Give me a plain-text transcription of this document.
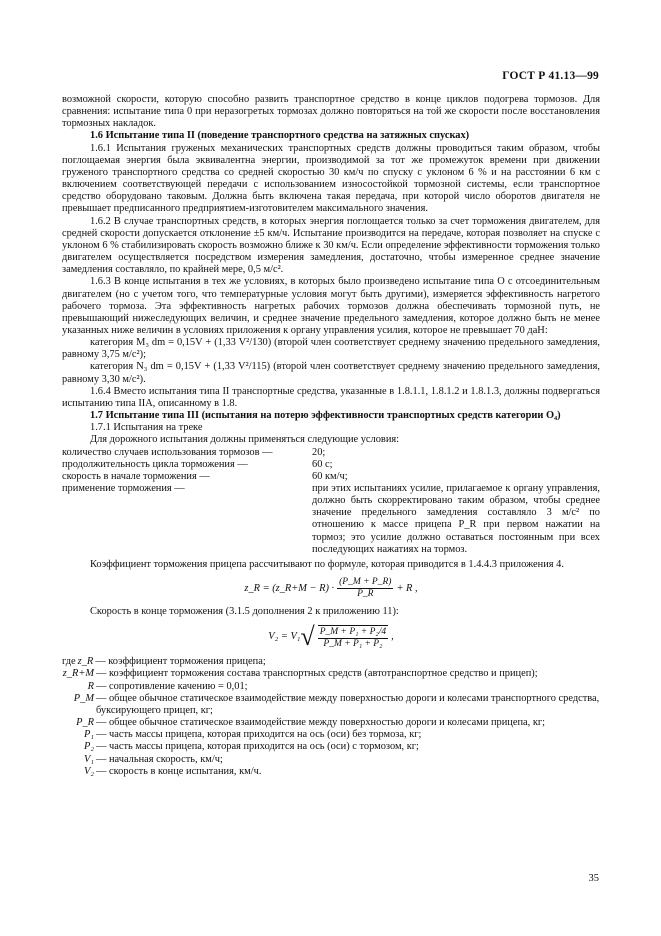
ГОСТ Р 41.13—99

возможной скорости, которую способно развить транспортное средство в конце циклов подогрева тормозов. Для сравнения: испытание типа 0 при неразогретых тормозах должно повторяться на той же скорости после восстановления тормозных накладок.

1.6 Испытание типа II (поведение транспортного средства на затяжных спусках)

1.6.1 Испытания груженых механических транспортных средств должны проводиться таким образом, чтобы поглощаемая энергия была эквивалентна энергии, производимой за тот же промежуток времени при движении груженого транспортного средства со средней скоростью 30 км/ч по спуску с уклоном 6 % и на расстоянии 6 км с включением соответствующей передачи с использованием износостойкой тормозной системы, если транспортное средство оборудовано таковым. Должна быть включена такая передача, при которой число оборотов двигателя не превышает предписанного предприятием-изготовителем максимального значения.

1.6.2 В случае транспортных средств, в которых энергия поглощается только за счет торможения двигателем, для средней скорости допускается отклонение ±5 км/ч. Испытание производится на передаче, которая позволяет на спуске с уклоном 6 % стабилизировать скорость возможно ближе к 30 км/ч. Если определение эффективности торможения только двигателем осуществляется посредством измерения замедления, достаточно, чтобы измеренное среднее значение замедления составляло, по крайней мере, 0,5 м/с².

1.6.3 В конце испытания в тех же условиях, в которых было произведено испытание типа О с отсоединительным двигателем (но с учетом того, что температурные условия могут быть другими), измеряется эффективность нагретого рабочего тормоза. Эта эффективность нагретых рабочих тормозов должна обеспечивать тормозной путь, не превышающий нижеследующих величин, и среднее значение предельного замедления, которое должно быть не менее указанных ниже величин в условиях приложения к органу управления усилия, которое не превышает 70 даН:

категория M₃ dm = 0,15V + (1,33 V²/130) (второй член соответствует среднему значению предельного замедления, равному 3,75 м/с²);

категория N₃ dm = 0,15V + (1,33 V²/115) (второй член соответствует среднему значению предельного замедления, равному 3,30 м/с²).

1.6.4 Вместо испытания типа II транспортные средства, указанные в 1.8.1.1, 1.8.1.2 и 1.8.1.3, должны подвергаться испытанию типа IIA, описанному в 1.8.

1.7 Испытание типа III (испытания на потерю эффективности транспортных средств категории O₄)

1.7.1 Испытания на треке

Для дорожного испытания должны применяться следующие условия:

количество случаев использования тормозов —	20;
продолжительность цикла торможения —	60 с;
скорость в начале торможения —	60 км/ч;
применение торможения —	при этих испытаниях усилие, прилагаемое к органу управления, должно быть скорректировано таким образом, чтобы среднее значение предельного замедления составляло 3 м/с² по отношению к массе прицепа P_R при первом нажатии на тормоз; это усилие должно оставаться постоянным при всех последующих нажатиях на тормоз.

Коэффициент торможения прицепа рассчитывают по формуле, которая приводится в 1.4.4.3 приложения 4.

z_R = (z_R+M − $R) \cdot \frac{(P\_M + P\_R)}{P\_R} + R$ ,

Скорость в конце торможения (3.1.5 дополнения 2 к приложению 11):

V₂ = V₁ √ $\frac{\text{P\_M + P₁ + P₂/4}}{\text{P\_M + P₁ + P₂}}$ ,
где z_R — коэффициент торможения прицепа;
z_R+M — коэффициент торможения состава транспортных средств (автотранспортное средство и прицеп);
R — сопротивление качению = 0,01;
P_M — общее обычное статическое взаимодействие между поверхностью дороги и колесами транспортного средства, буксирующего прицеп, кг;
P_R — общее обычное статическое взаимодействие между поверхностью дороги и колесами прицепа, кг;
P₁ — часть массы прицепа, которая приходится на ось (оси) без тормоза, кг;
P₂ — часть массы прицепа, которая приходится на ось (оси) с тормозом, кг;
V₁ — начальная скорость, км/ч;
V₂ — скорость в конце испытания, км/ч.
35
